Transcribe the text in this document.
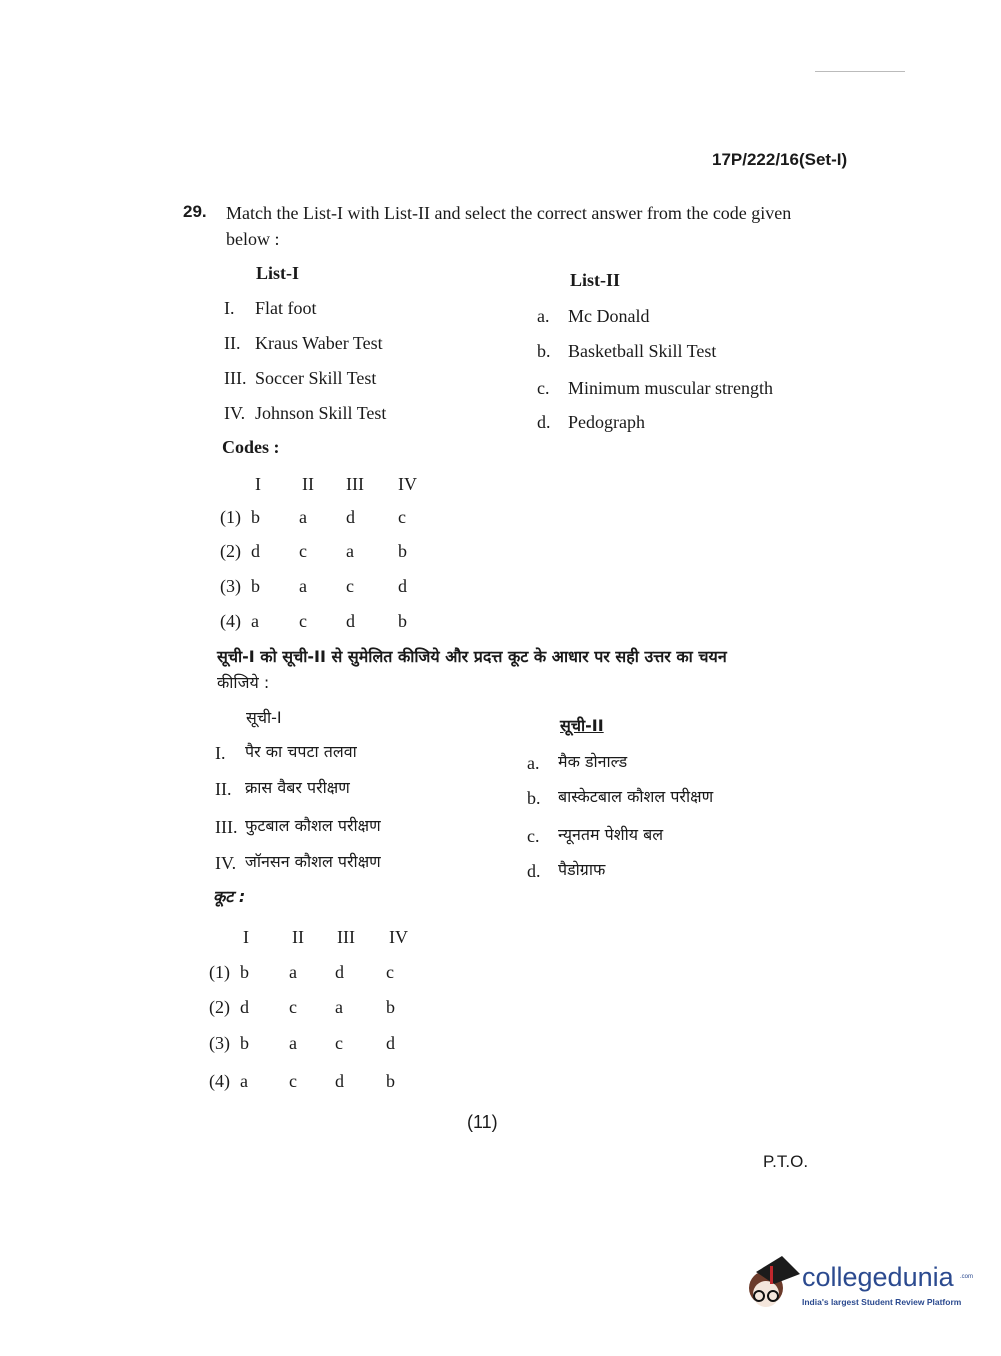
17P/222/16(Set-I)
29. Match the List-I with List-II and select the correct answer from the code given
below :
List-I	List-II
I. Flat foot
II. Kraus Waber Test
III. Soccer Skill Test
IV. Johnson Skill Test
a. Mc Donald
b. Basketball Skill Test
c. Minimum muscular strength
d. Pedograph
Codes :
I II III IV
(1) b a d c
(2) d c a b
(3) b a c d
(4) a c d b
सूची-I को सूची-II से सुमेलित कीजिये और प्रदत्त कूट के आधार पर सही उत्तर का चयन
कीजिये :
सूची-I	सूची-II
I. पैर का चपटा तलवा
II. क्रास वैबर परीक्षण
III. फुटबाल कौशल परीक्षण
IV. जॉनसन कौशल परीक्षण
a. मैक डोनाल्ड
b. बास्केटबाल कौशल परीक्षण
c. न्यूनतम पेशीय बल
d. पैडोग्राफ
कूट :
I II III IV
(1) b a d c
(2) d c a b
(3) b a c d
(4) a c d b
(11)
P.T.O.
collegedunia .com
India's largest Student Review Platform
